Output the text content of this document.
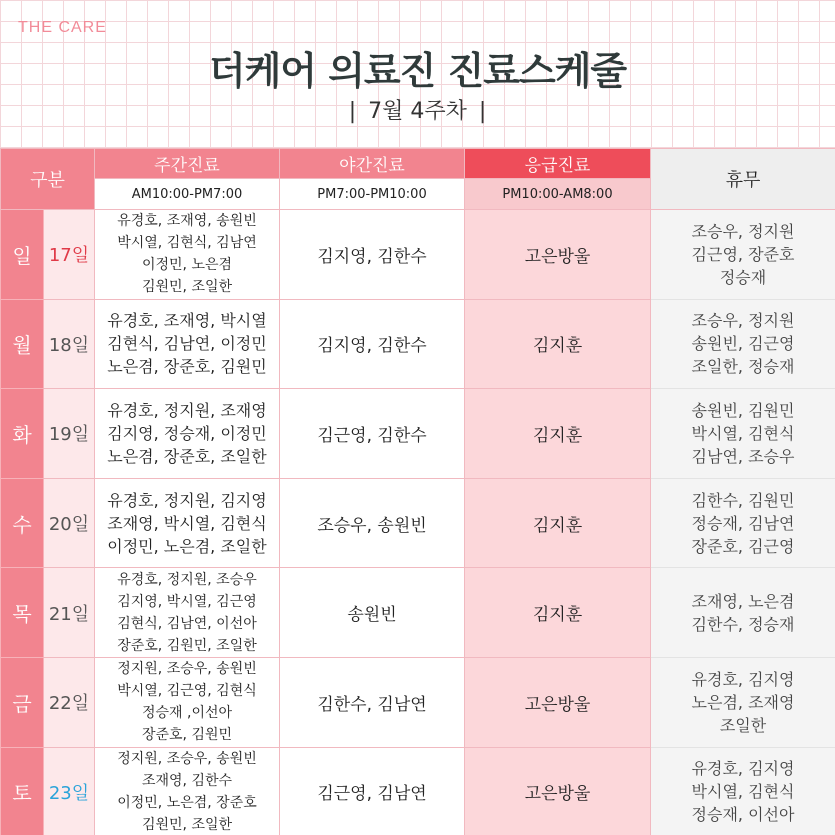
THE CARE
더케어 의료진 진료스케줄
| 7월 4주차 |
구분		주간진료	야간진료	응급진료	휴무
		AM10:00-PM7:00	PM7:00-PM10:00	PM10:00-AM8:00	
일	17일	유경호, 조재영, 송원빈
박시열, 김현식, 김남연
이정민, 노은겸
김원민, 조일한	김지영, 김한수	고은방울	조승우, 정지원
김근영, 장준호
정승재

월	18일	유경호, 조재영, 박시열
김현식, 김남연, 이정민
노은겸, 장준호, 김원민	김지영, 김한수	김지훈	조승우, 정지원
송원빈, 김근영
조일한, 정승재

화	19일	유경호, 정지원, 조재영
김지영, 정승재, 이정민
노은겸, 장준호, 조일한	김근영, 김한수	김지훈	송원빈, 김원민
박시열, 김현식
김남연, 조승우

수	20일	유경호, 정지원, 김지영
조재영, 박시열, 김현식
이정민, 노은겸, 조일한	조승우, 송원빈	김지훈	김한수, 김원민
정승재, 김남연
장준호, 김근영

목	21일	유경호, 정지원, 조승우
김지영, 박시열, 김근영
김현식, 김남연, 이선아
장준호, 김원민, 조일한	송원빈	김지훈	조재영, 노은겸
김한수, 정승재

금	22일	정지원, 조승우, 송원빈
박시열, 김근영, 김현식
정승재 ,이선아
장준호, 김원민	김한수, 김남연	고은방울	유경호, 김지영
노은겸, 조재영
조일한

토	23일	정지원, 조승우, 송원빈
조재영, 김한수
이정민, 노은겸, 장준호
김원민, 조일한	김근영, 김남연	고은방울	유경호, 김지영
박시열, 김현식
정승재, 이선아
